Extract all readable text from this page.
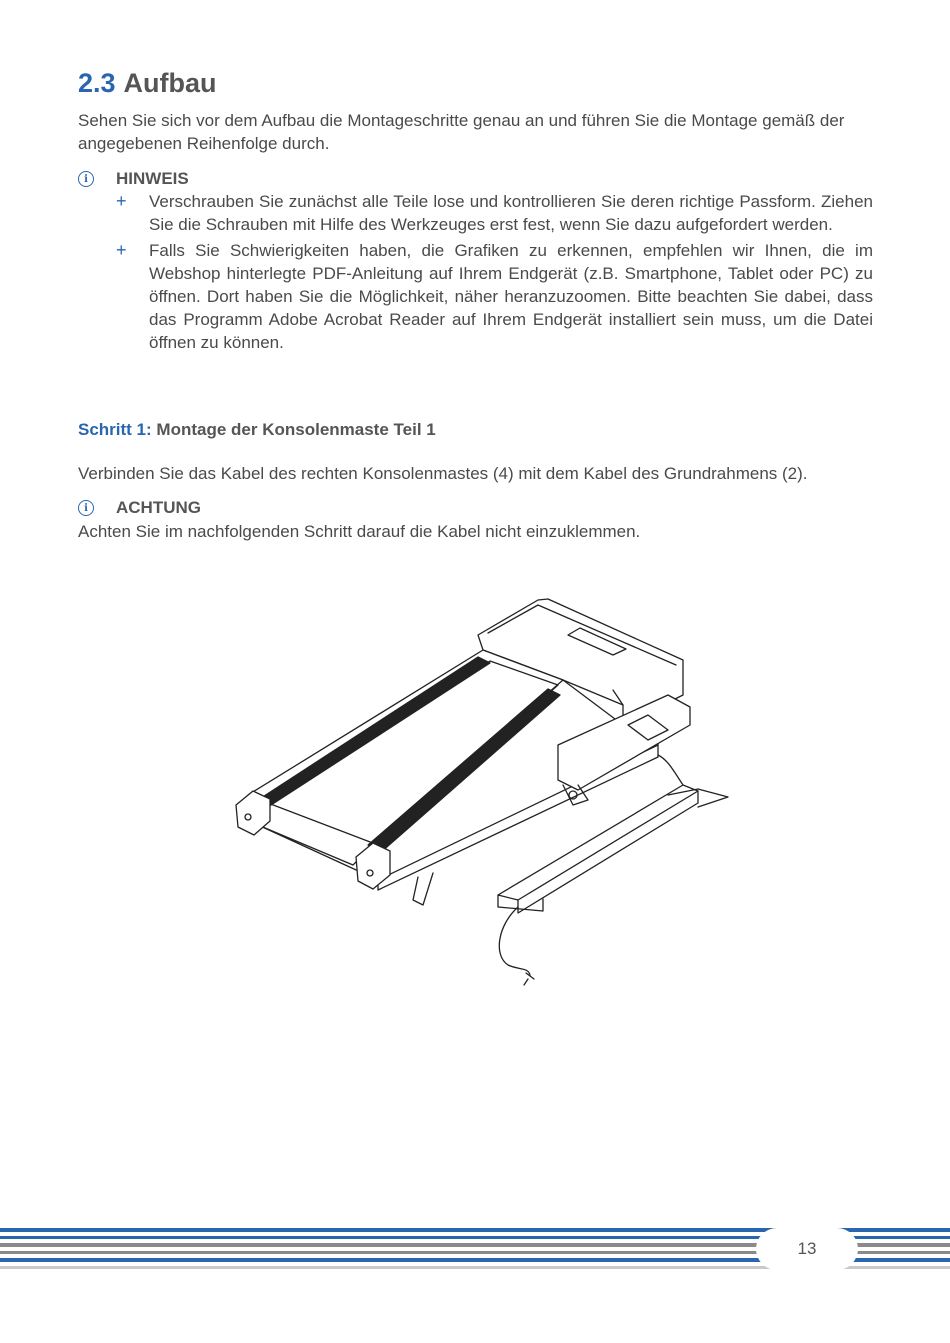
2.3 Aufbau

Sehen Sie sich vor dem Aufbau die Montageschritte genau an und führen Sie die Montage gemäß der angegebenen Reihenfolge durch.

i	HINWEIS
+ Verschrauben Sie zunächst alle Teile lose und kontrollieren Sie deren richtige Passform. Ziehen Sie die Schrauben mit Hilfe des Werkzeuges erst fest, wenn Sie dazu aufgefordert werden.
+ Falls Sie Schwierigkeiten haben, die Grafiken zu erkennen, empfehlen wir Ihnen, die im Webshop hinterlegte PDF-Anleitung auf Ihrem Endgerät (z.B. Smartphone, Tablet oder PC) zu öffnen. Dort haben Sie die Möglichkeit, näher heranzuzoomen. Bitte beachten Sie dabei, dass das Programm Adobe Acrobat Reader auf Ihrem Endgerät installiert sein muss, um die Datei öffnen zu können.
Schritt 1: Montage der Konsolenmaste Teil 1

Verbinden Sie das Kabel des rechten Konsolenmastes (4) mit dem Kabel des Grundrahmens (2).

i	ACHTUNG

Achten Sie im nachfolgenden Schritt darauf die Kabel nicht einzuklemmen.

13
